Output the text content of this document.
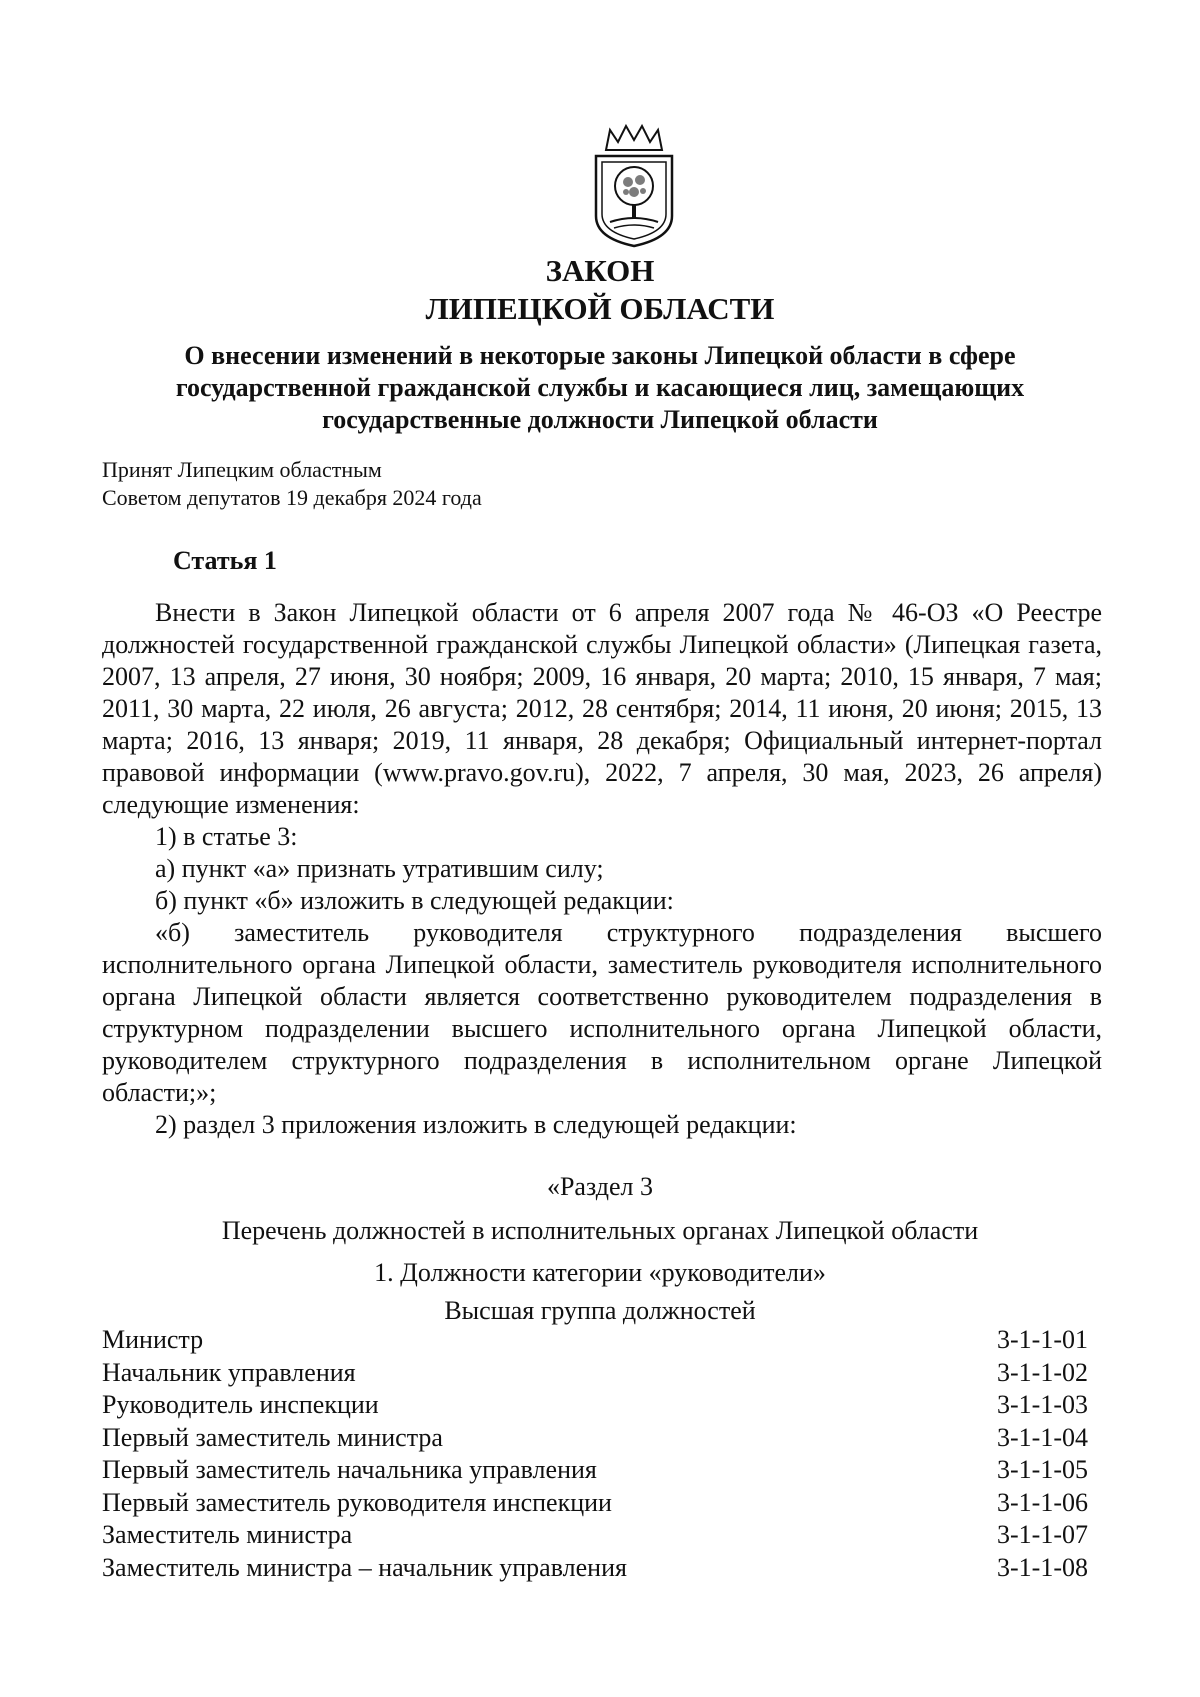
ЗАКОН
ЛИПЕЦКОЙ ОБЛАСТИ
О внесении изменений в некоторые законы Липецкой области в сфере государственной гражданской службы и касающиеся лиц, замещающих государственные должности Липецкой области
Принят Липецким областным
Советом депутатов 19 декабря 2024 года
Статья 1

Внести в Закон Липецкой области от 6 апреля 2007 года № 46-ОЗ «О Реестре должностей государственной гражданской службы Липецкой области» (Липецкая газета, 2007, 13 апреля, 27 июня, 30 ноября; 2009, 16 января, 20 марта; 2010, 15 января, 7 мая; 2011, 30 марта, 22 июля, 26 августа; 2012, 28 сентября; 2014, 11 июня, 20 июня; 2015, 13 марта; 2016, 13 января; 2019, 11 января, 28 декабря; Официальный интернет-портал правовой информации (www.pravo.gov.ru), 2022, 7 апреля, 30 мая, 2023, 26 апреля) следующие изменения:

1) в статье 3:

а) пункт «а» признать утратившим силу;

б) пункт «б» изложить в следующей редакции:

«б) заместитель руководителя структурного подразделения высшего исполнительного органа Липецкой области, заместитель руководителя исполнительного органа Липецкой области является соответственно руководителем подразделения в структурном подразделении высшего исполнительного органа Липецкой области, руководителем структурного подразделения в исполнительном органе Липецкой области;»;

2) раздел 3 приложения изложить в следующей редакции:

«Раздел 3
Перечень должностей в исполнительных органах Липецкой области
1. Должности категории «руководители»
Высшая группа должностей
Министр	3-1-1-01
Начальник управления	3-1-1-02
Руководитель инспекции	3-1-1-03
Первый заместитель министра	3-1-1-04
Первый заместитель начальника управления	3-1-1-05
Первый заместитель руководителя инспекции	3-1-1-06
Заместитель министра	3-1-1-07
Заместитель министра – начальник управления	3-1-1-08
